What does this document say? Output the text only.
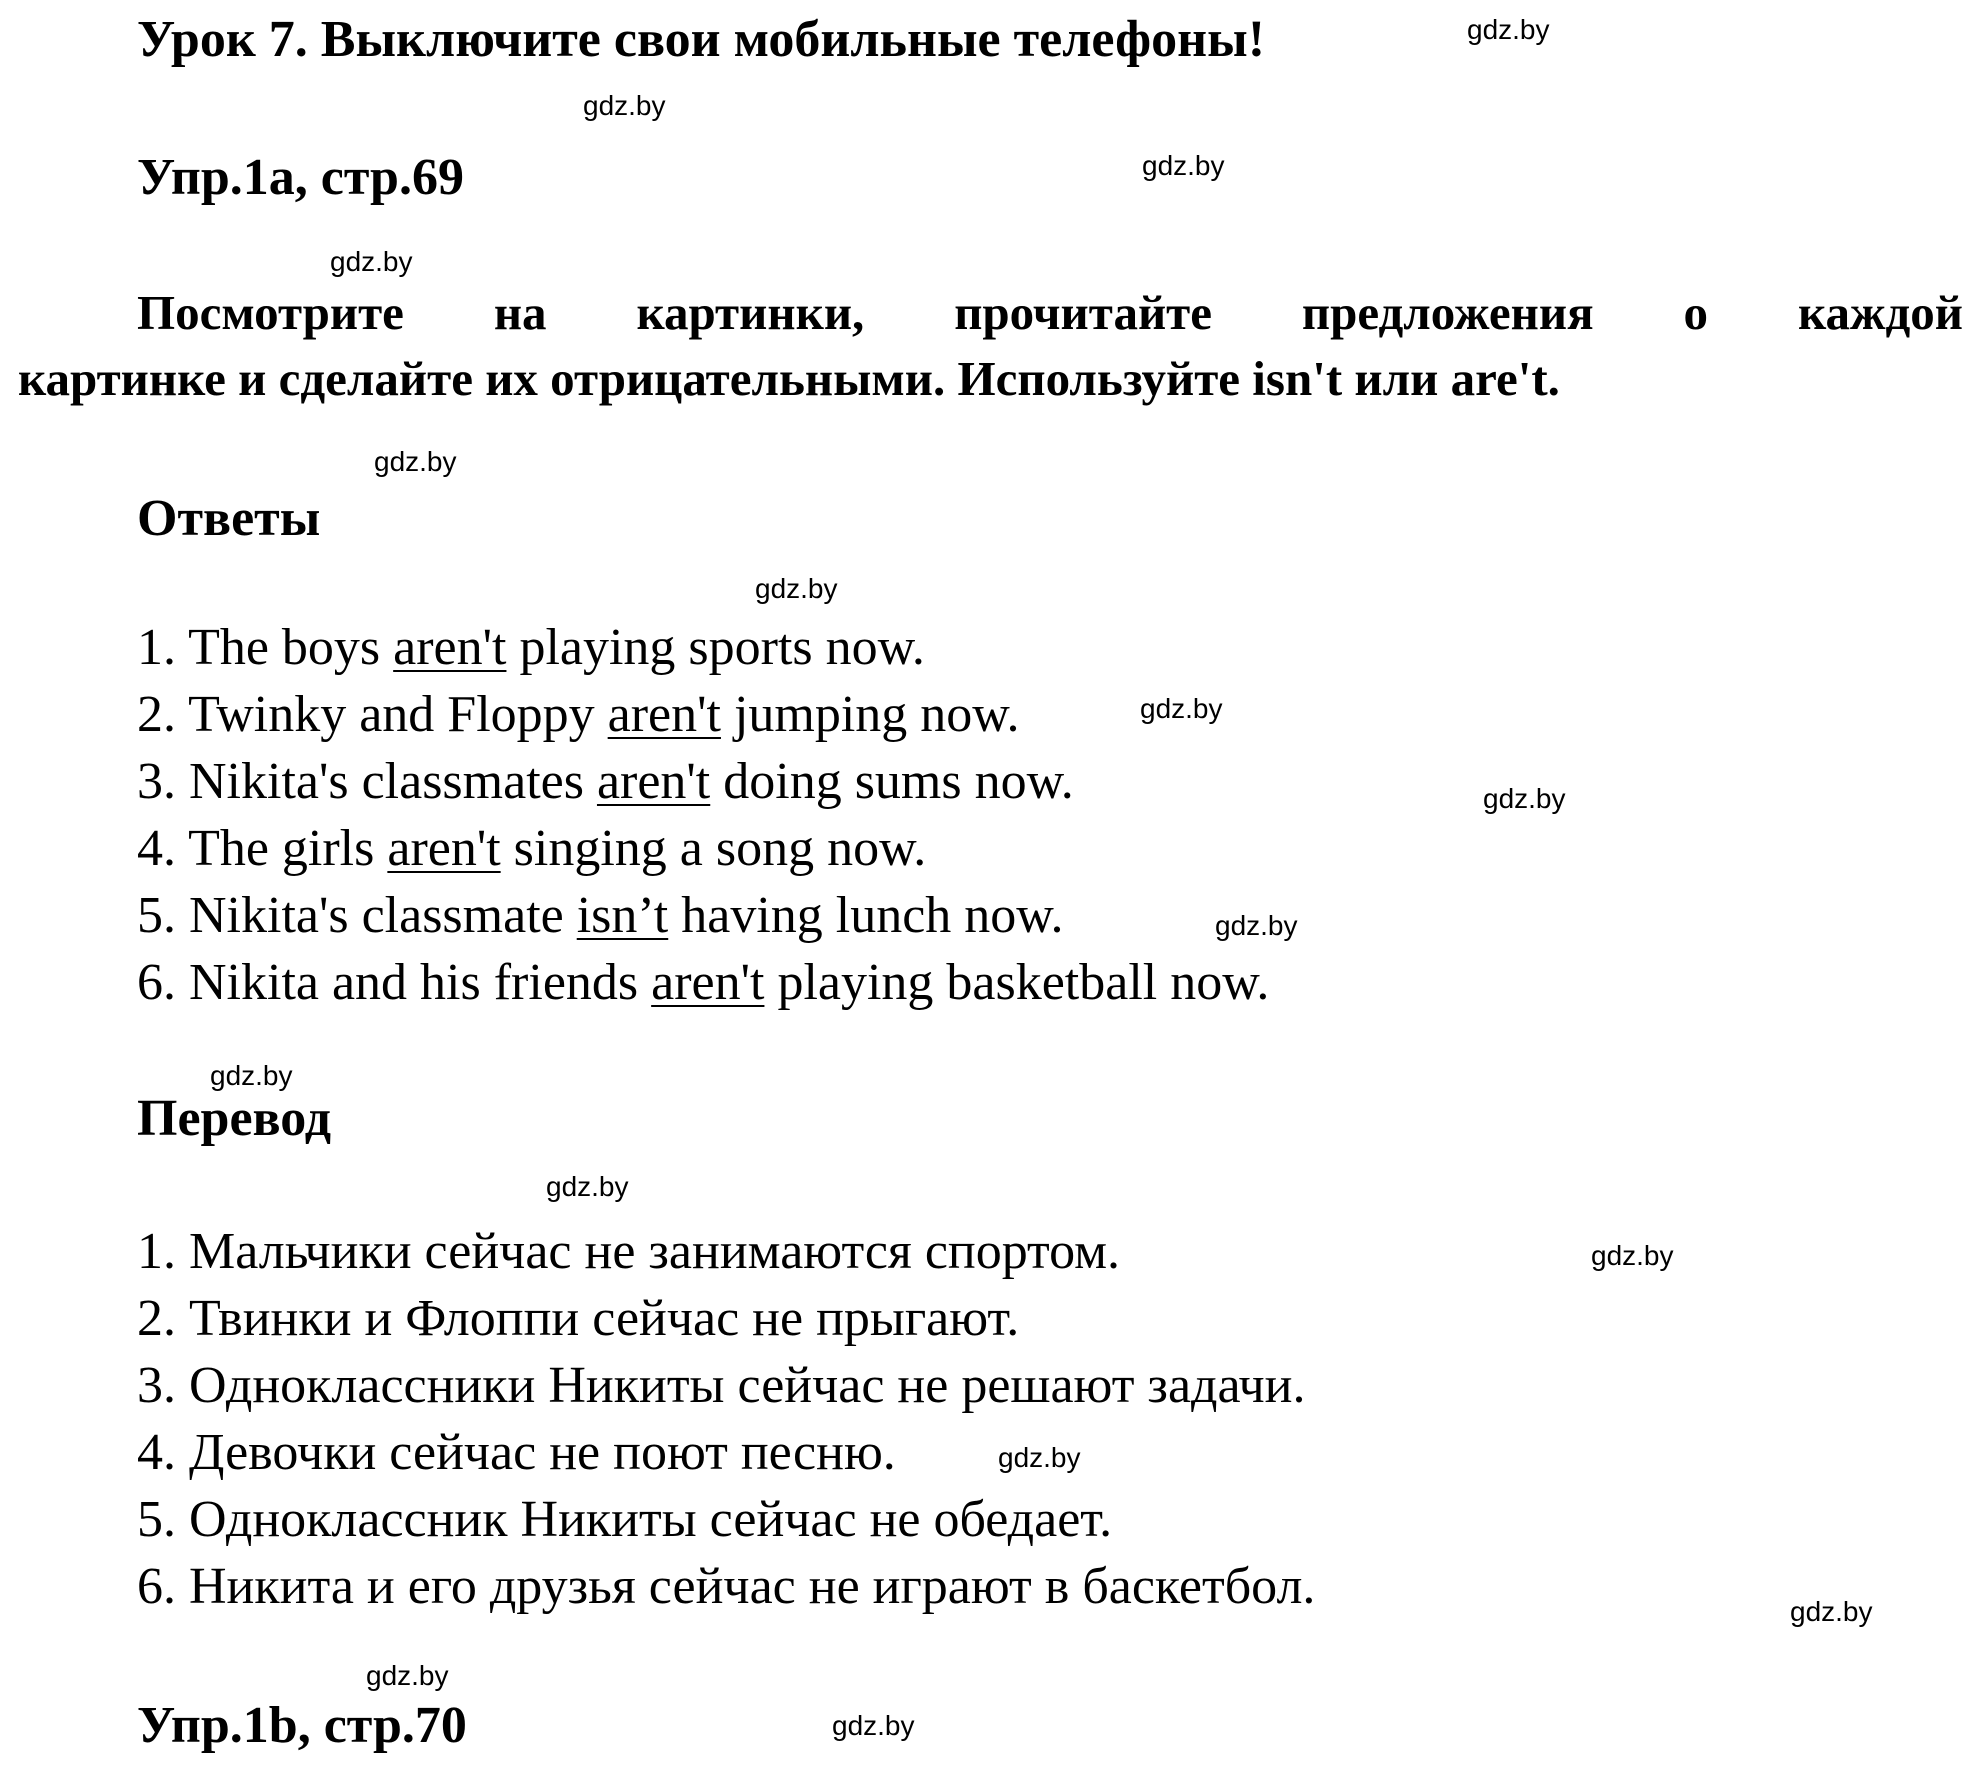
Урок 7. Выключите свои мобильные телефоны!
Упр.1a, стр.69
Посмотрите на картинки, прочитайте предложения о каждой
картинке и сделайте их отрицательными. Используйте isn't или are't.
Ответы
1. The boys aren't playing sports now.
2. Twinky and Floppy aren't jumping now.
3. Nikita's classmates aren't doing sums now.
4. The girls aren't singing a song now.
5. Nikita's classmate isn’t having lunch now.
6. Nikita and his friends aren't playing basketball now.
Перевод
1. Мальчики сейчас не занимаются спортом.
2. Твинки и Флоппи сейчас не прыгают.
3. Одноклассники Никиты сейчас не решают задачи.
4. Девочки сейчас не поют песню.
5. Одноклассник Никиты сейчас не обедает.
6. Никита и его друзья сейчас не играют в баскетбол.
Упр.1b, стр.70
gdz.by
gdz.by
gdz.by
gdz.by
gdz.by
gdz.by
gdz.by
gdz.by
gdz.by
gdz.by
gdz.by
gdz.by
gdz.by
gdz.by
gdz.by
gdz.by
